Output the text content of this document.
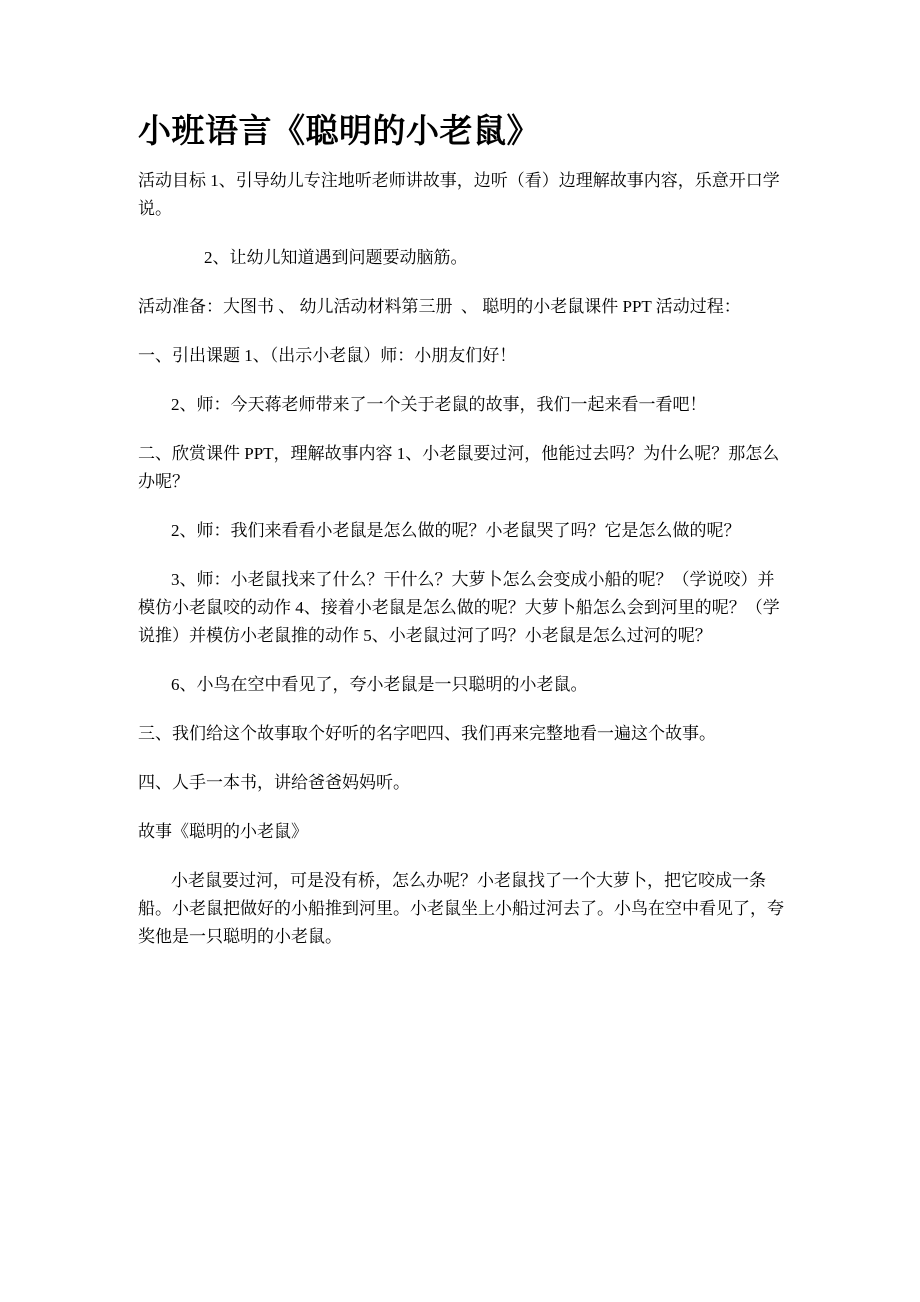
小班语言《聪明的小老鼠》

活动目标 1、引导幼儿专注地听老师讲故事，边听（看）边理解故事内容，乐意开口学说。

2、让幼儿知道遇到问题要动脑筋。

活动准备：大图书 、 幼儿活动材料第三册  、 聪明的小老鼠课件 PPT 活动过程：

一、引出课题 1、（出示小老鼠）师：小朋友们好！

2、师：今天蒋老师带来了一个关于老鼠的故事，我们一起来看一看吧！

二、欣赏课件 PPT，理解故事内容 1、小老鼠要过河，他能过去吗？为什么呢？那怎么办呢？

2、师：我们来看看小老鼠是怎么做的呢？小老鼠哭了吗？它是怎么做的呢？

3、师：小老鼠找来了什么？干什么？大萝卜怎么会变成小船的呢？（学说咬）并模仿小老鼠咬的动作 4、接着小老鼠是怎么做的呢？大萝卜船怎么会到河里的呢？（学说推）并模仿小老鼠推的动作 5、小老鼠过河了吗？小老鼠是怎么过河的呢？

6、小鸟在空中看见了，夸小老鼠是一只聪明的小老鼠。

三、我们给这个故事取个好听的名字吧四、我们再来完整地看一遍这个故事。

四、人手一本书，讲给爸爸妈妈听。

故事《聪明的小老鼠》

小老鼠要过河，可是没有桥，怎么办呢？小老鼠找了一个大萝卜，把它咬成一条船。小老鼠把做好的小船推到河里。小老鼠坐上小船过河去了。小鸟在空中看见了，夸奖他是一只聪明的小老鼠。
